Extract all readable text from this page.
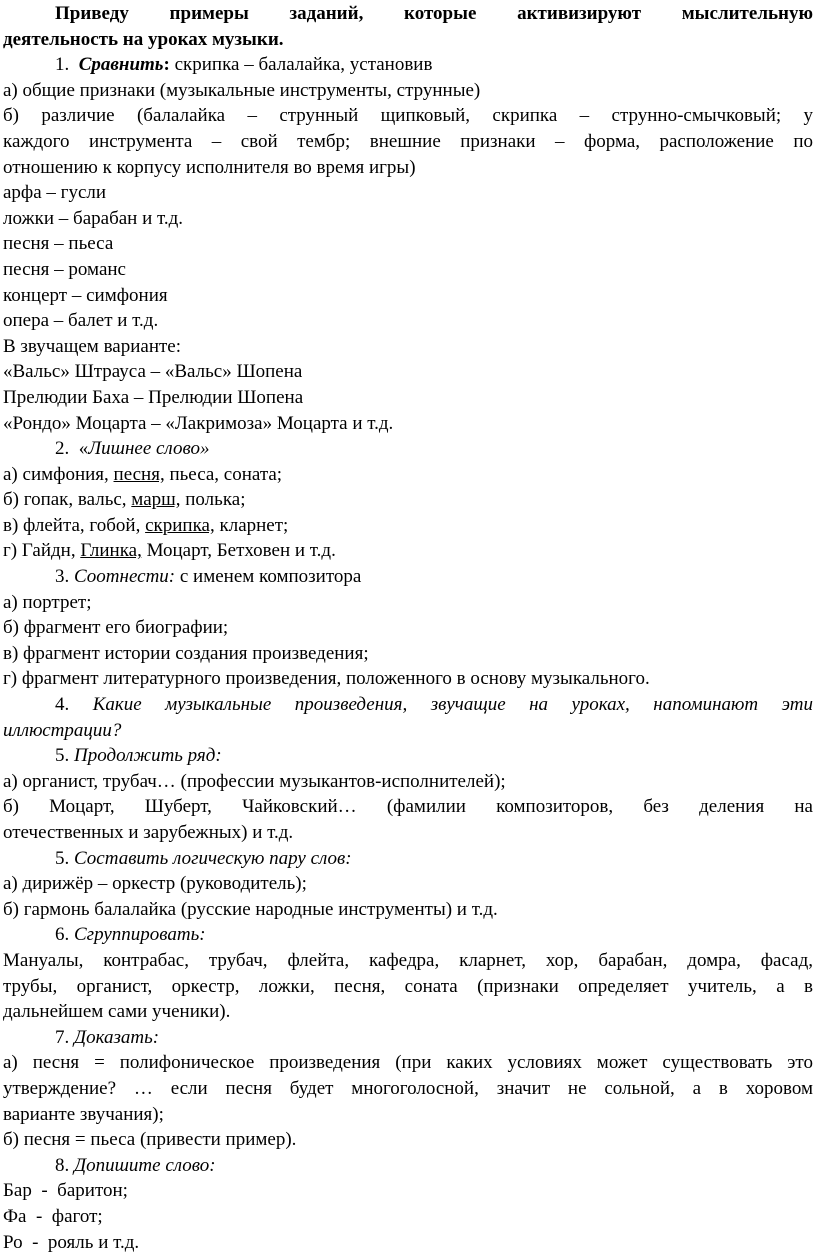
Приведу примеры заданий, которые активизируют мыслительную
деятельность на уроках музыки.
1. Сравнить: скрипка – балалайка, установив
а) общие признаки (музыкальные инструменты, струнные)
б) различие (балалайка – струнный щипковый, скрипка – струнно-смычковый; у
каждого инструмента – свой тембр; внешние признаки – форма, расположение по
отношению к корпусу исполнителя во время игры)
арфа – гусли
ложки – барабан и т.д.
песня – пьеса
песня – романс
концерт – симфония
опера – балет и т.д.
В звучащем варианте:
«Вальс» Штрауса – «Вальс» Шопена
Прелюдии Баха – Прелюдии Шопена
«Рондо» Моцарта – «Лакримоза» Моцарта и т.д.
2. «Лишнее слово»
а) симфония, песня, пьеса, соната;
б) гопак, вальс, марш, полька;
в) флейта, гобой, скрипка, кларнет;
г) Гайдн, Глинка, Моцарт, Бетховен и т.д.
3. Соотнести: с именем композитора
а) портрет;
б) фрагмент его биографии;
в) фрагмент истории создания произведения;
г) фрагмент литературного произведения, положенного в основу музыкального.
4. Какие музыкальные произведения, звучащие на уроках, напоминают эти
иллюстрации?
5. Продолжить ряд:
а) органист, трубач… (профессии музыкантов-исполнителей);
б) Моцарт, Шуберт, Чайковский… (фамилии композиторов, без деления на
отечественных и зарубежных) и т.д.
5. Составить логическую пару слов:
а) дирижёр – оркестр (руководитель);
б) гармонь балалайка (русские народные инструменты) и т.д.
6. Сгруппировать:
Мануалы, контрабас, трубач, флейта, кафедра, кларнет, хор, барабан, домра, фасад,
трубы, органист, оркестр, ложки, песня, соната (признаки определяет учитель, а в
дальнейшем сами ученики).
7. Доказать:
а) песня = полифоническое произведения (при каких условиях может существовать это
утверждение? … если песня будет многоголосной, значит не сольной, а в хоровом
варианте звучания);
б) песня = пьеса (привести пример).
8. Допишите слово:
Бар  -  баритон;
Фа  -  фагот;
Ро  -  рояль и т.д.
